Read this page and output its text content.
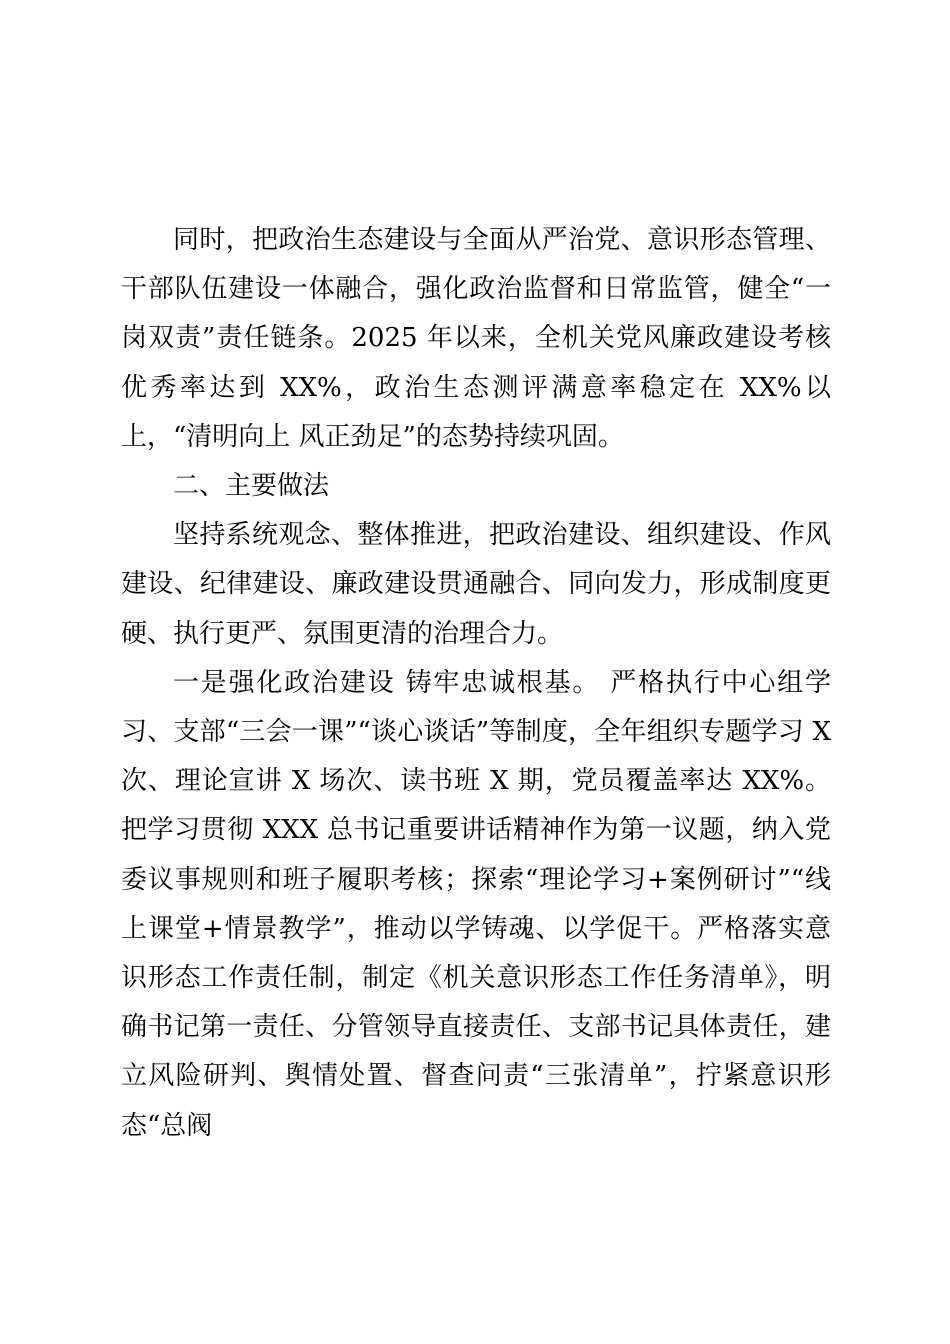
同时，把政治生态建设与全面从严治党、意识形态管理、干部队伍建设一体融合，强化政治监督和日常监管，健全“一岗双责”责任链条。2025 年以来，全机关党风廉政建设考核优秀率达到 XX%，政治生态测评满意率稳定在 XX%以上，“清明向上 风正劲足”的态势持续巩固。

二、主要做法

坚持系统观念、整体推进，把政治建设、组织建设、作风建设、纪律建设、廉政建设贯通融合、同向发力，形成制度更硬、执行更严、氛围更清的治理合力。

一是强化政治建设 铸牢忠诚根基。 严格执行中心组学习、支部“三会一课”“谈心谈话”等制度，全年组织专题学习 X 次、理论宣讲 X 场次、读书班 X 期，党员覆盖率达 XX%。把学习贯彻 XXX 总书记重要讲话精神作为第一议题，纳入党委议事规则和班子履职考核；探索“理论学习+案例研讨”“线上课堂+情景教学”，推动以学铸魂、以学促干。严格落实意识形态工作责任制，制定《机关意识形态工作任务清单》，明确书记第一责任、分管领导直接责任、支部书记具体责任，建立风险研判、舆情处置、督查问责“三张清单”，拧紧意识形态“总阀
